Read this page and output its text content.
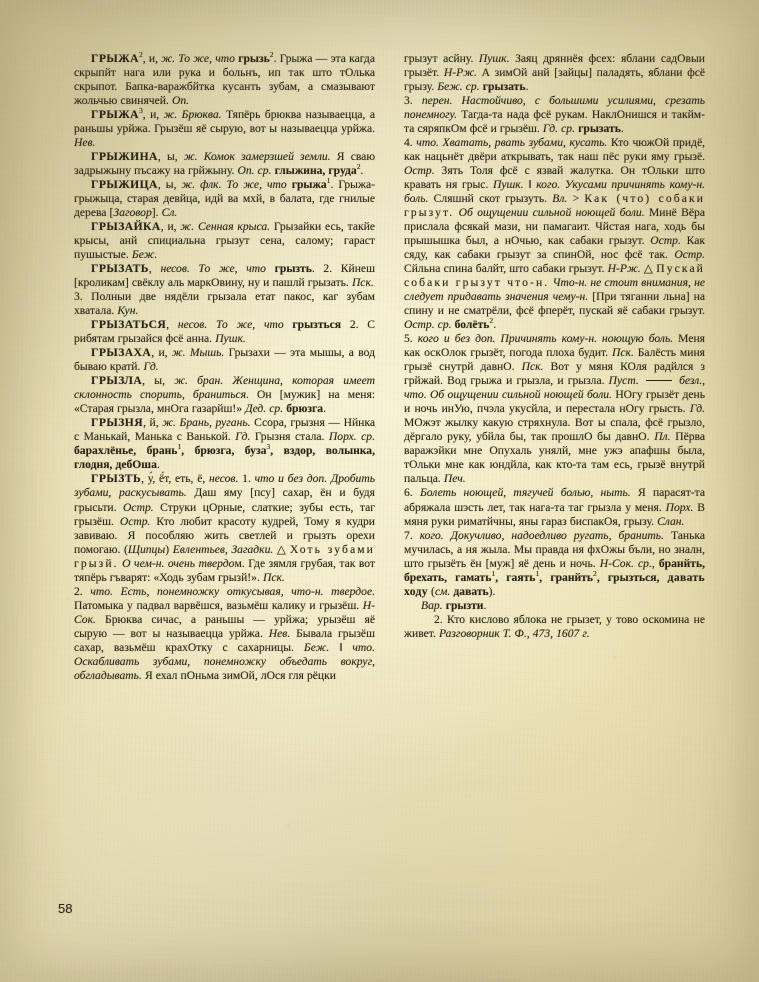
ГРЫЖА$^2$, и, ж. То же, что грызь$^2$. Грыжа — эта кагда скрыпйт нага или рука и больнъ, ип так што тОлька скрыпот. Бапка-варажбйтка кусанть зубам, а смазывают жольчью свинячей. Оп.

ГРЫЖА$^3$, и, ж. Брюква. Тяпёрь брюква называецца, а раньшы урйжа. Грызёш яё сырую, вот ы называецца урйжа. Нев.

ГРЫЖИНА, ы, ж. Комок замерзшей земли. Я сваю задрыжыну пъсажу на грйжыну. Оп. ср. глыжина, груда$^2$.

ГРЫЖИЦА, ы, ж. флк. То же, что грыжа$^1$. Грыжа-грыжыца, старая девйца, идй ва мхй, в балата, где гнилые дерева [Заговор]. Сл.

ГРЫЗАЙКА, и, ж. Сенная крыса. Грызайки есь, такйе крысы, анй спициальна грызут сена, салому; гараст пушыстые. Беж.

ГРЫЗАТЬ, несов. То же, что грызть. 2. Кйнеш [кроликам] свёклу аль маркОвину, ну и пашлй грызать. Пск.

3. Полныи две нядёли грызала етат пакос, каг зубам хватала. Кун.

ГРЫЗАТЬСЯ, несов. То же, что грызться 2. С рибятам грызайся фсё анна. Пушк.

ГРЫЗАХА, и, ж. Мышь. Грызахи — эта мышы, а вод бываю кратй. Гд.

ГРЫЗЛА, ы, ж. бран. Женщина, которая имеет склонность спорить, браниться. Он [мужик] на меня: «Старая грызла, мнОга газарйш!» Дед. ср. брюзга.

ГРЫЗНЯ, й, ж. Брань, ругань. Ссора, грызня — Нйнка с Манькай, Манька с Ванькой. Гд. Грызня стала. Порх. ср. барахлёнье, брань$^1$, брюзга, буза$^3$, вздор, волынка, глодня, дебОша.

ГРЫЗТЬ, у́, ё́т, еть, ё, несов. 1. что и без доп. Дробить зубами, раскусывать. Даш яму [псу] сахар, ён и будя грысьти. Остр. Струки цОрные, слаткие; зубы есть, таг грызёш. Остр. Кто любит красоту кудрей, Тому я кудри завиваю. Я пособляю жить светлей и грызть орехи помогаю. (Щипцы) Евлентьев, Загадки. △ Хоть зубами грызй. О чем-н. очень твердом. Где зямля грубая, так вот тяпёрь гъварят: «Ходь зубам грызй!». Пск.

2. что. Есть, понемножку откусывая, что-н. твердое. Патомыка у падвал варвёшся, вазьмёш калику и грызёш. Н-Сок. Брюква сичас, а раньшы — урйжа; урызёш яё сырую — вот ы называецца урйжа. Нев. Бывала грызёш сахар, вазьмёш крахОтку с сахарницы. Беж. ‖ что. Оскабливать зубами, понемножку объедать вокруг, обгладывать. Я ехал пОньма зимОй, лОся гля рёцки

грызут асйну. Пушк. Заяц дряннёя фсех: яблани садОвыи грызёт. Н-Рж. А зимОй анй [зайцы] паладять, яблани фсё грызу. Беж. ср. грызать.

3. перен. Настойчиво, с большими усилиями, срезать понемногу. Тагда-та нада фсё рукам. НаклОнишся и такйм-та сяряпкОм фсё и грызёш. Гд. ср. грызать.

4. что. Хватать, рвать зубами, кусать. Кто чюжОй придё, как нацьнёт двёри аткрывать, так наш пёс руки яму грызё. Остр. Зять Толя фсё с язвай жалутка. Он тОльки што кравать ня грыс. Пушк. ‖ кого. Укусами причинять кому-н. боль. Сляшнй скот грызуть. Вл. > Как (что) собаки грызут. Об ощущении сильной ноющей боли. Минё Вёра прислала фсякай мази, ни памагаит. Чйстая нага, ходь бы прышышка был, а нОчью, как сабаки грызут. Остр. Как сяду, как сабаки грызут за спинОй, нос фсё так. Остр. Сйльна спина балйт, што сабаки грызут. Н-Рж. △ Пускай собаки грызут что-н. Что-н. не стоит внимания, не следует придавать значения чему-н. [При тяганни льна] на спину и не сматрёли, фсё фперёт, пускай яё сабаки грызут. Остр. ср. болёть$^2$.

5. кого и без доп. Причинять кому-н. ноющую боль. Меня как оскОлок грызёт, погода плоха будит. Пск. Балёсть миня грызё снутрй давнО. Пск. Вот у мяня КОля радйлся з грйжай. Вод грыжа и грызла, и грызла. Пуст.	безл., что. Об ощущении сильной ноющей боли. НОгу грызёт день и ночь инУю, пчэла укусйла, и перестала нОгу грысть. Гд. МОжэт жылку какую стряхнула. Вот ы спала, фсё грызло, дёргало руку, убйла бы, так прошлО бы давнО. Пл. Пёрва варажэйки мне Опухаль унялй, мне ужэ апафшы была, тОльки мне как юндйла, как кто-та там есь, грызё внутрй пальца. Печ.

6. Болеть ноющей, тягучей болью, ныть. Я парасят-та абряжала шэсть лет, так нага-та таг грызла у меня. Порх. В мяня руки риматйчны, яны гараз биспакОя, грызу. Слан.

7. кого. Докучливо, надоедливо ругать, бранить. Танька мучилась, а ня жыла. Мы правда ня фхОжы бъли, но зналн, што грызёть ён [муж] яё день и ночь. Н-Сок. ср., бранйть, брехать, гамать$^1$, гаять$^1$, гранйть$^2$, грызться, давать ходу (см. давать).

Вар. грызти.

2. Кто кислово яблока не грызет, у тово оскомина не живет. Разговорник Т. Ф., 473, 1607 г.

58
